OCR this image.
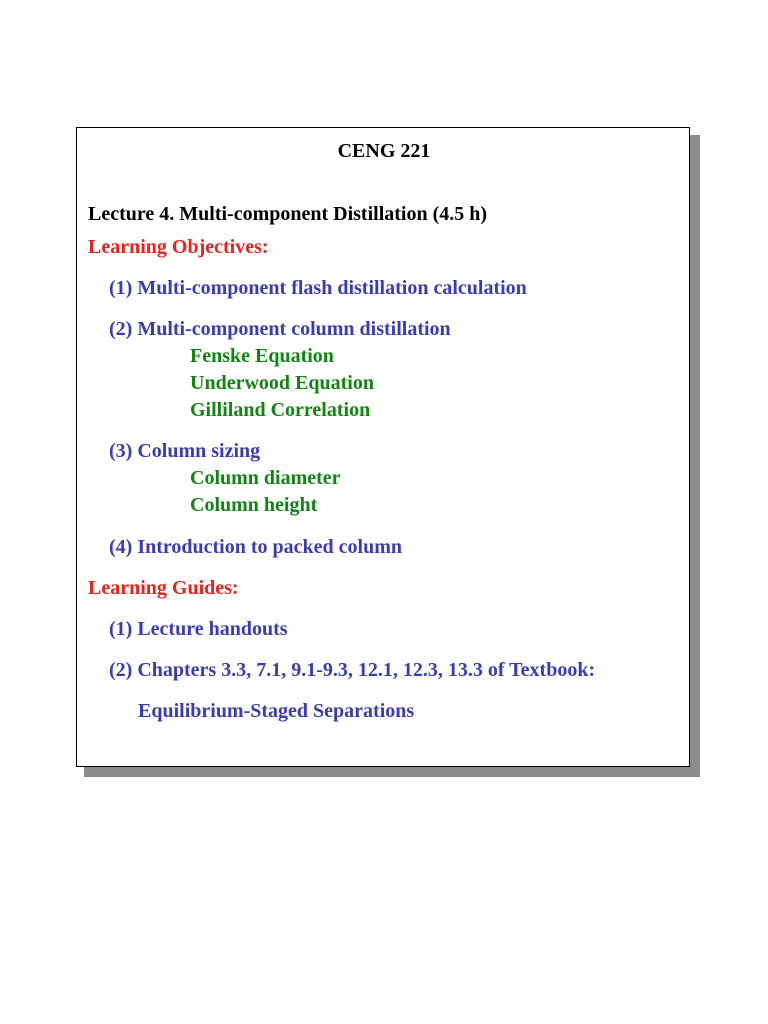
CENG 221
Lecture 4. Multi-component Distillation (4.5 h)
Learning Objectives:
(1) Multi-component flash distillation calculation
(2) Multi-component column distillation
Fenske Equation
Underwood Equation
Gilliland Correlation
(3) Column sizing
Column diameter
Column height
(4) Introduction to packed column
Learning Guides:
(1) Lecture handouts
(2) Chapters 3.3, 7.1, 9.1-9.3, 12.1, 12.3, 13.3 of Textbook:
Equilibrium-Staged Separations
